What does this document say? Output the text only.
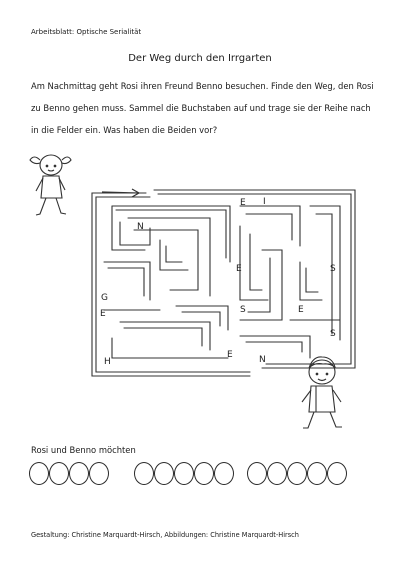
Arbeitsblatt: Optische Serialität
Der Weg durch den Irrgarten
Am Nachmittag geht Rosi ihren Freund Benno besuchen. Finde den Weg, den Rosi zu Benno gehen muss. Sammel die Buchstaben auf und trage sie der Reihe nach in die Felder ein. Was haben die Beiden vor?
E I
N
E	S
G
E	S	E
S
H
E	N
Rosi und Benno möchten
Gestaltung: Christine Marquardt-Hirsch, Abbildungen: Christine Marquardt-Hirsch
